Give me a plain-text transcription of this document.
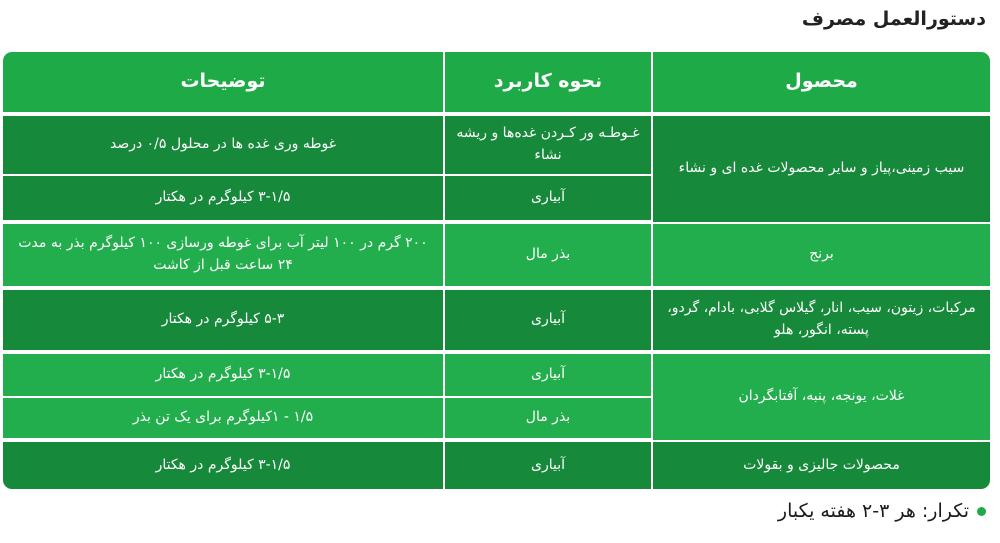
دستورالعمل مصرف
محصول	نحوه کاربرد	توضیحات
سیب زمینی،پیاز و سایر محصولات غده ای و نشاء	غـوطـه ور کـردن غده‌ها و ریشه نشاء	غوطه وری غده ها در محلول ۰/۵ درصد
	آبیاری	۳-۱/۵ کیلوگرم در هکتار
برنج	بذر مال	۲۰۰ گرم در ۱۰۰ لیتر آب برای غوطه ورسازی ۱۰۰ کیلوگرم بذر به مدت ۲۴ ساعت قبل از کاشت
مرکبات، زیتون، سیب، انار، گیلاس گلابی، بادام، گردو، پسته، انگور، هلو	آبیاری	۵-۳ کیلوگرم در هکتار
غلات، یونجه، پنبه، آفتابگردان	آبیاری	۳-۱/۵ کیلوگرم در هکتار
	بذر مال	۱/۵ - ۱کیلوگرم برای یک تن بذر
محصولات جالیزی و بقولات	آبیاری	۳-۱/۵ کیلوگرم در هکتار
تکرار: هر ۳-۲ هفته یکبار
